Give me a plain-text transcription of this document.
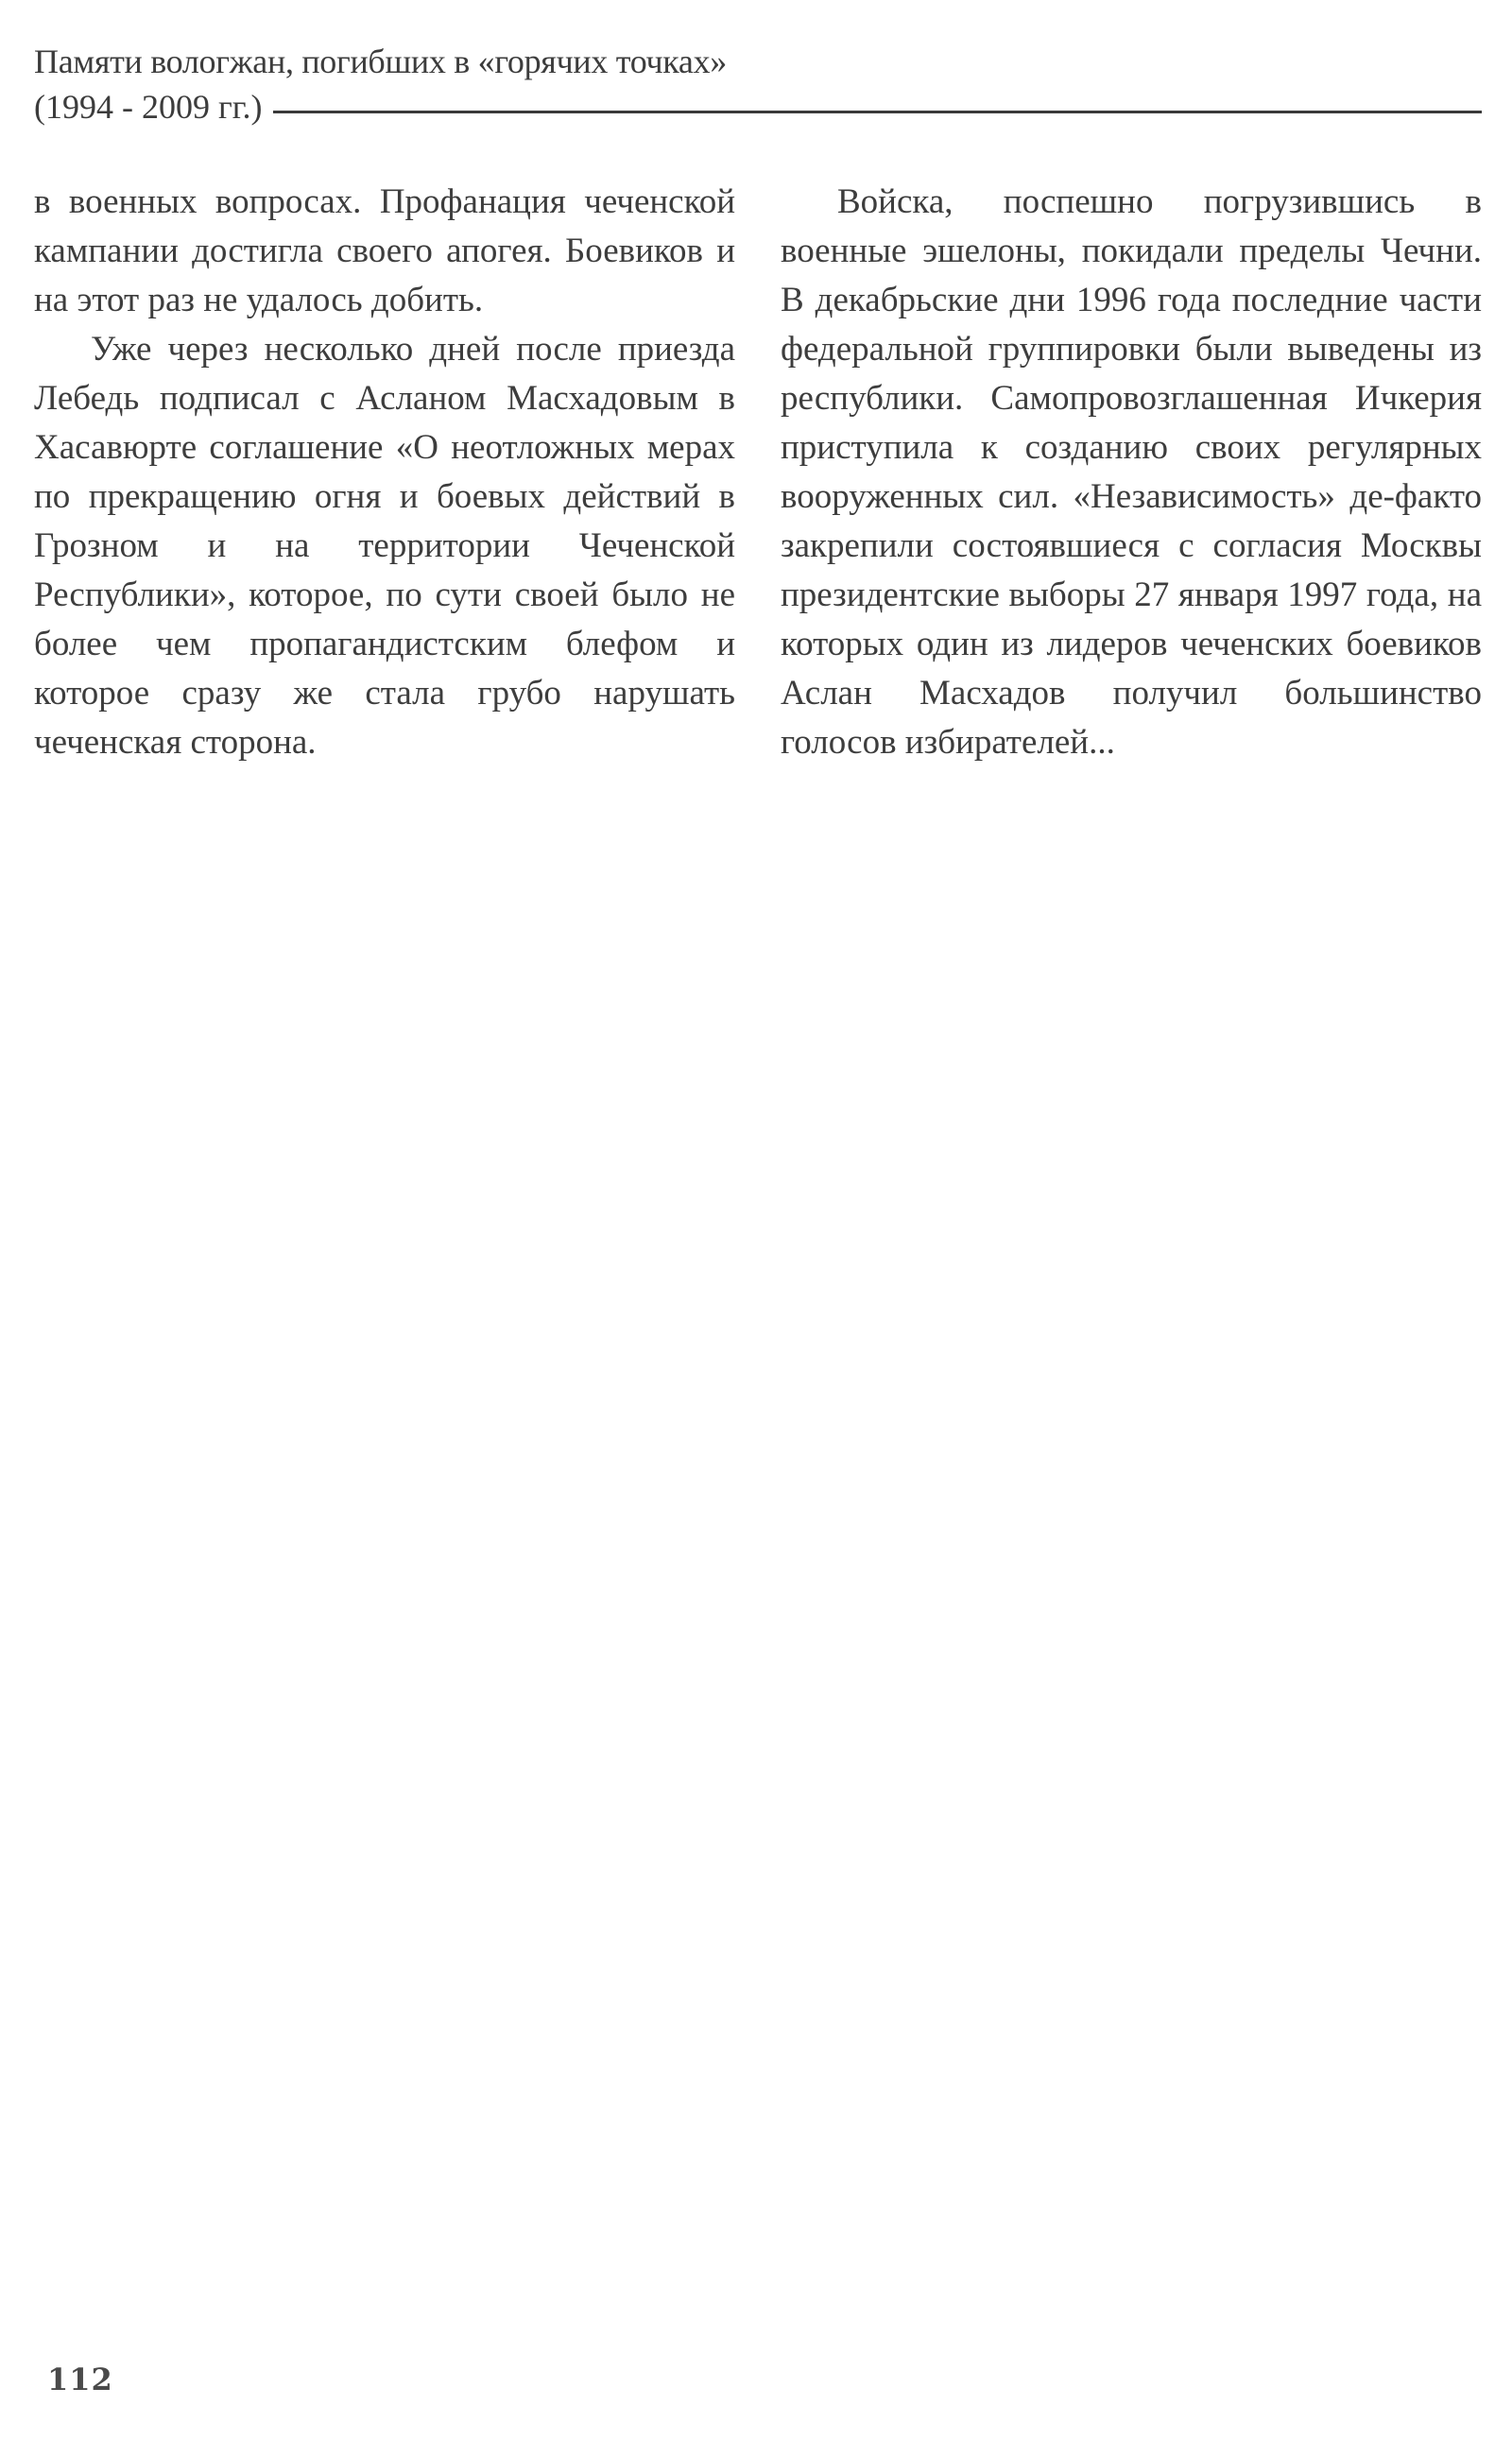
Памяти вологжан, погибших в «горячих точках»
(1994 - 2009 гг.)

в военных вопросах. Профанация чеченской кампании достигла своего апогея. Боевиков и на этот раз не удалось добить.

Уже через несколько дней после приезда Лебедь подписал с Асланом Масхадовым в Хасавюрте соглашение «О неотложных мерах по прекращению огня и боевых действий в Грозном и на территории Чеченской Республики», которое, по сути своей было не более чем пропагандистским блефом и которое сразу же стала грубо нарушать чеченская сторона.

Войска, поспешно погрузившись в военные эшелоны, покидали пределы Чечни. В декабрьские дни 1996 года последние части федеральной группировки были выведены из республики. Самопровозглашенная Ичкерия приступила к созданию своих регулярных вооруженных сил. «Независимость» де-факто закрепили состоявшиеся с согласия Москвы президентские выборы 27 января 1997 года, на которых один из лидеров чеченских боевиков Аслан Масхадов получил большинство голосов избирателей...

112
